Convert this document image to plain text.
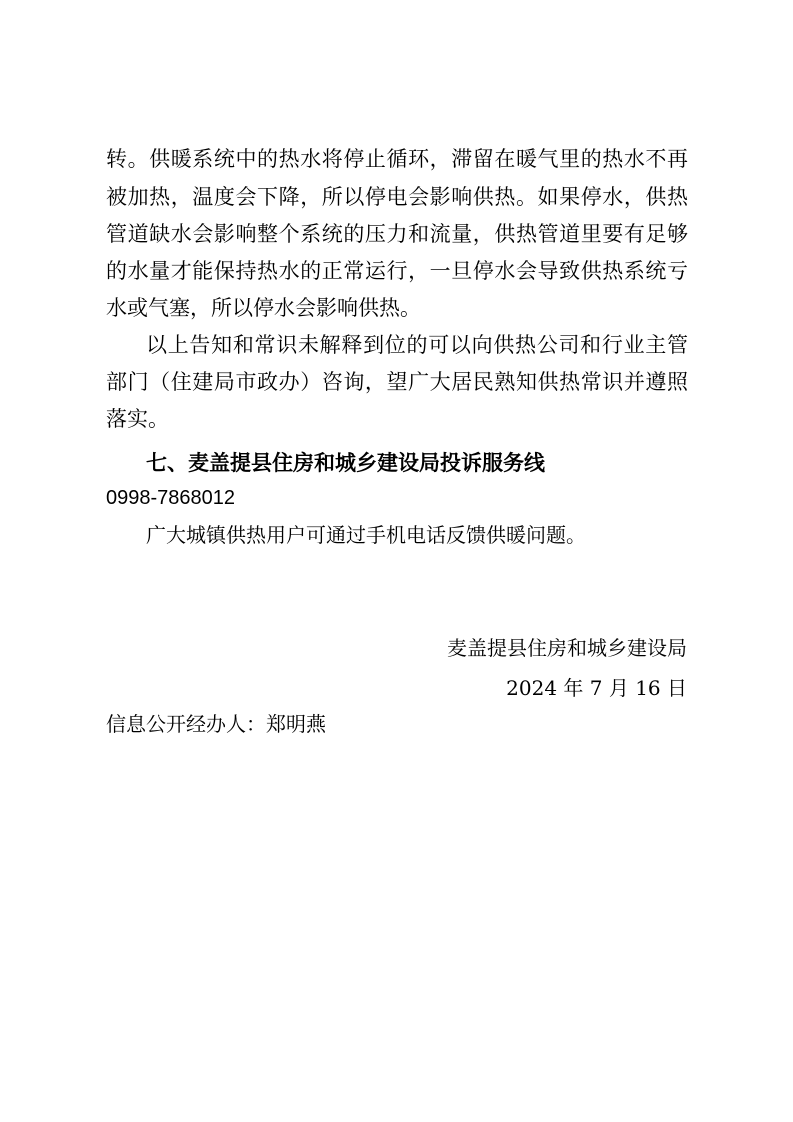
转。供暖系统中的热水将停止循环，滞留在暖气里的热水不再
被加热，温度会下降，所以停电会影响供热。如果停水，供热
管道缺水会影响整个系统的压力和流量，供热管道里要有足够
的水量才能保持热水的正常运行，一旦停水会导致供热系统亏
水或气塞，所以停水会影响供热。
以上告知和常识未解释到位的可以向供热公司和行业主管
部门（住建局市政办）咨询，望广大居民熟知供热常识并遵照
落实。
七、麦盖提县住房和城乡建设局投诉服务线
0998-7868012
广大城镇供热用户可通过手机电话反馈供暖问题。
麦盖提县住房和城乡建设局
2024 年 7 月 16 日
信息公开经办人：郑明燕
